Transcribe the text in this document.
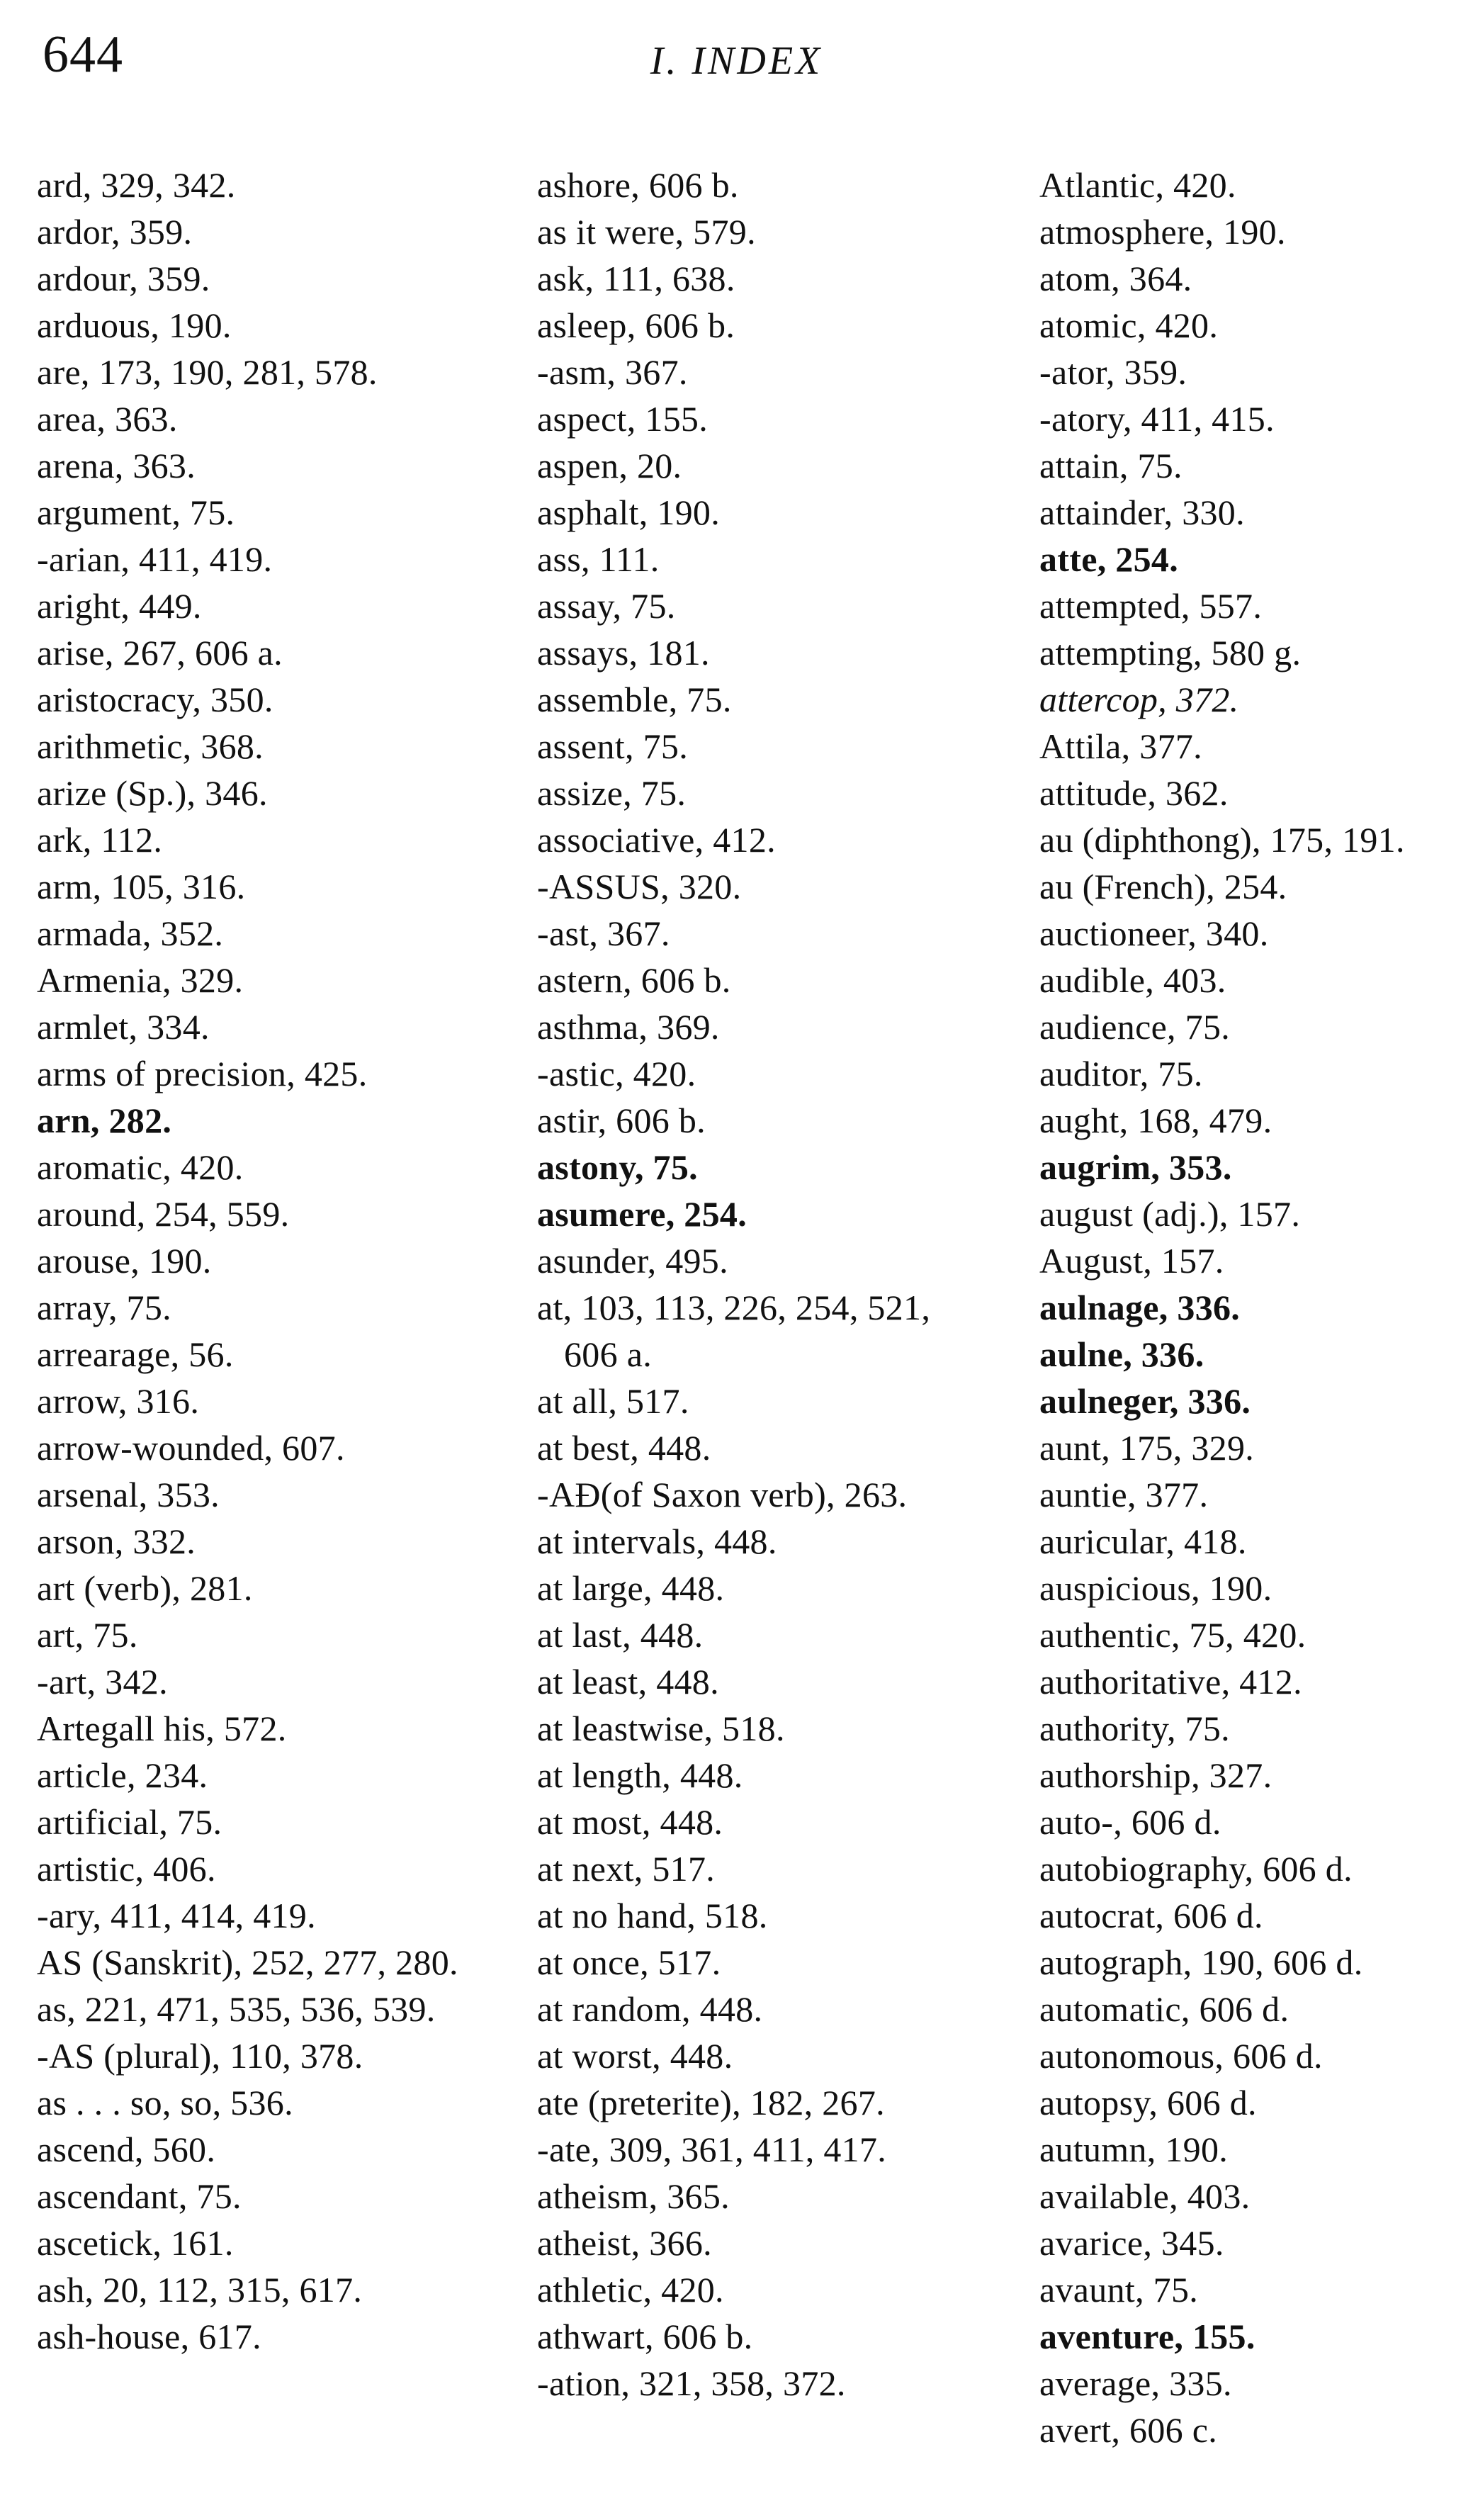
644	I. INDEX
ard, 329, 342.
ardor, 359.
ardour, 359.
arduous, 190.
are, 173, 190, 281, 578.
area, 363.
arena, 363.
argument, 75.
-arian, 411, 419.
aright, 449.
arise, 267, 606 a.
aristocracy, 350.
arithmetic, 368.
arize (Sp.), 346.
ark, 112.
arm, 105, 316.
armada, 352.
Armenia, 329.
armlet, 334.
arms of precision, 425.
arn, 282.
aromatic, 420.
around, 254, 559.
arouse, 190.
array, 75.
arrearage, 56.
arrow, 316.
arrow-wounded, 607.
arsenal, 353.
arson, 332.
art (verb), 281.
art, 75.
-art, 342.
Artegall his, 572.
article, 234.
artificial, 75.
artistic, 406.
-ary, 411, 414, 419.
AS (Sanskrit), 252, 277, 280.
as, 221, 471, 535, 536, 539.
-AS (plural), 110, 378.
as . . . so, so, 536.
ascend, 560.
ascendant, 75.
ascetick, 161.
ash, 20, 112, 315, 617.
ash-house, 617.
ashore, 606 b.
as it were, 579.
ask, 111, 638.
asleep, 606 b.
-asm, 367.
aspect, 155.
aspen, 20.
asphalt, 190.
ass, 111.
assay, 75.
assays, 181.
assemble, 75.
assent, 75.
assize, 75.
associative, 412.
-ASSUS, 320.
-ast, 367.
astern, 606 b.
asthma, 369.
-astic, 420.
astir, 606 b.
astony, 75.
asumere, 254.
asunder, 495.
at, 103, 113, 226, 254, 521, 606 a.
at all, 517.
at best, 448.
-AÐ(of Saxon verb), 263.
at intervals, 448.
at large, 448.
at last, 448.
at least, 448.
at leastwise, 518.
at length, 448.
at most, 448.
at next, 517.
at no hand, 518.
at once, 517.
at random, 448.
at worst, 448.
ate (preterite), 182, 267.
-ate, 309, 361, 411, 417.
atheism, 365.
atheist, 366.
athletic, 420.
athwart, 606 b.
-ation, 321, 358, 372.
Atlantic, 420.
atmosphere, 190.
atom, 364.
atomic, 420.
-ator, 359.
-atory, 411, 415.
attain, 75.
attainder, 330.
atte, 254.
attempted, 557.
attempting, 580 g.
attercop, 372.
Attila, 377.
attitude, 362.
au (diphthong), 175, 191.
au (French), 254.
auctioneer, 340.
audible, 403.
audience, 75.
auditor, 75.
aught, 168, 479.
augrim, 353.
august (adj.), 157.
August, 157.
aulnage, 336.
aulne, 336.
aulneger, 336.
aunt, 175, 329.
auntie, 377.
auricular, 418.
auspicious, 190.
authentic, 75, 420.
authoritative, 412.
authority, 75.
authorship, 327.
auto-, 606 d.
autobiography, 606 d.
autocrat, 606 d.
autograph, 190, 606 d.
automatic, 606 d.
autonomous, 606 d.
autopsy, 606 d.
autumn, 190.
available, 403.
avarice, 345.
avaunt, 75.
aventure, 155.
average, 335.
avert, 606 c.
